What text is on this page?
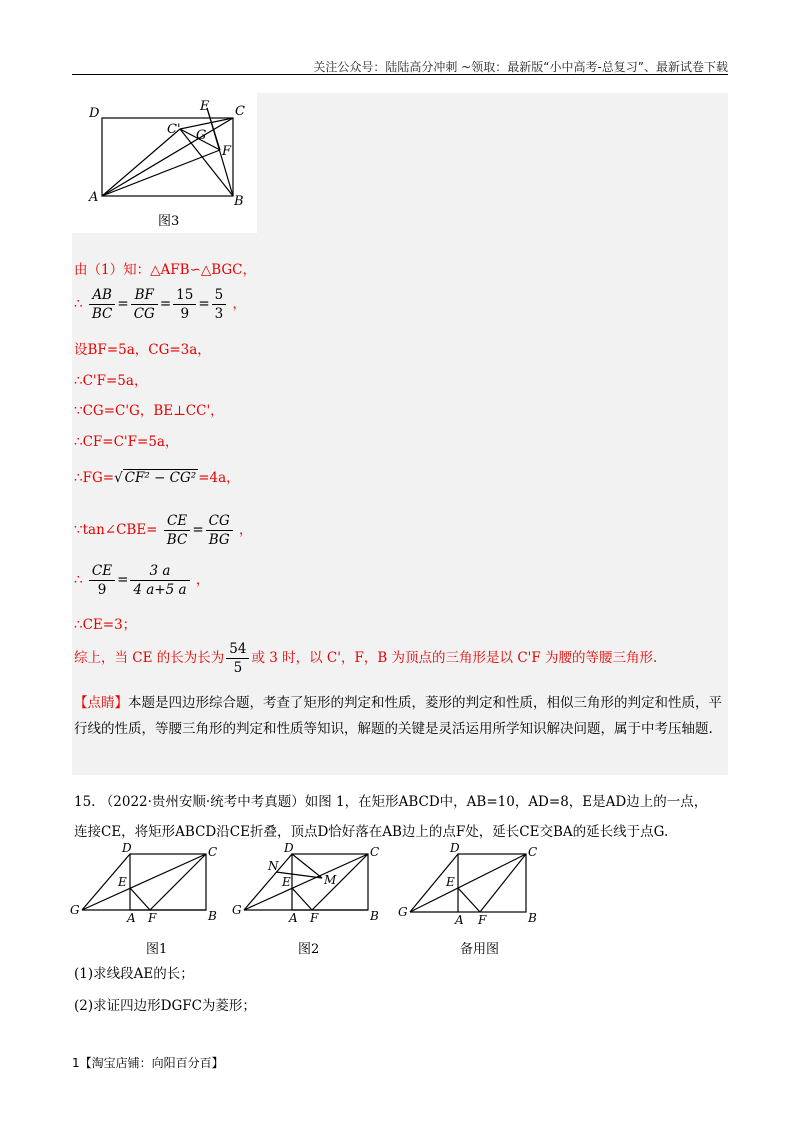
关注公众号：陆陆高分冲刺 ~领取：最新版“小中高考-总复习”、最新试卷下载
D	E C
C' G
F
A	B
图3
由（1）知：△AFB∽△BGC，
∴ $\frac{AB}{BC} = \frac{BF}{CG} = \frac{15}{9} = \frac{5}{3}$ ，
设BF=5a，CG=3a，
∴C'F=5a，
∵CG=C'G，BE⊥CC'，
∴CF=C'F=5a，
∴FG=√ CF² − CG² =4a，
∵tan∠CBE= $\frac{CE}{BC} = \frac{CG}{BG}$ ，
∴ $\frac{CE}{9} = \frac{3 a}{4 a+5 a}$ ，
∴CE=3；
综上，当 CE 的长为长为 $\frac{54}{5}$ 或 3 时，以 C'，F，B 为顶点的三角形是以 C'F 为腰的等腰三角形.
【点睛】本题是四边形综合题，考查了矩形的判定和性质，菱形的判定和性质，相似三角形的判定和性质，平行线的性质，等腰三角形的判定和性质等知识，解题的关键是灵活运用所学知识解决问题，属于中考压轴题.
15. （2022·贵州安顺·统考中考真题）如图 1，在矩形ABCD中，AB=10，AD=8，E是AD边上的一点，
连接CE，将矩形ABCD沿CE折叠，顶点D恰好落在AB边上的点F处，延长CE交BA的延长线于点G.
D	C
E
G
A F	B
D	C
N
M
E
G
A F	B
D	C
E
G
A F	B
图1	图2	备用图
(1)求线段AE的长；
(2)求证四边形DGFC为菱形；
1【淘宝店铺：向阳百分百】
